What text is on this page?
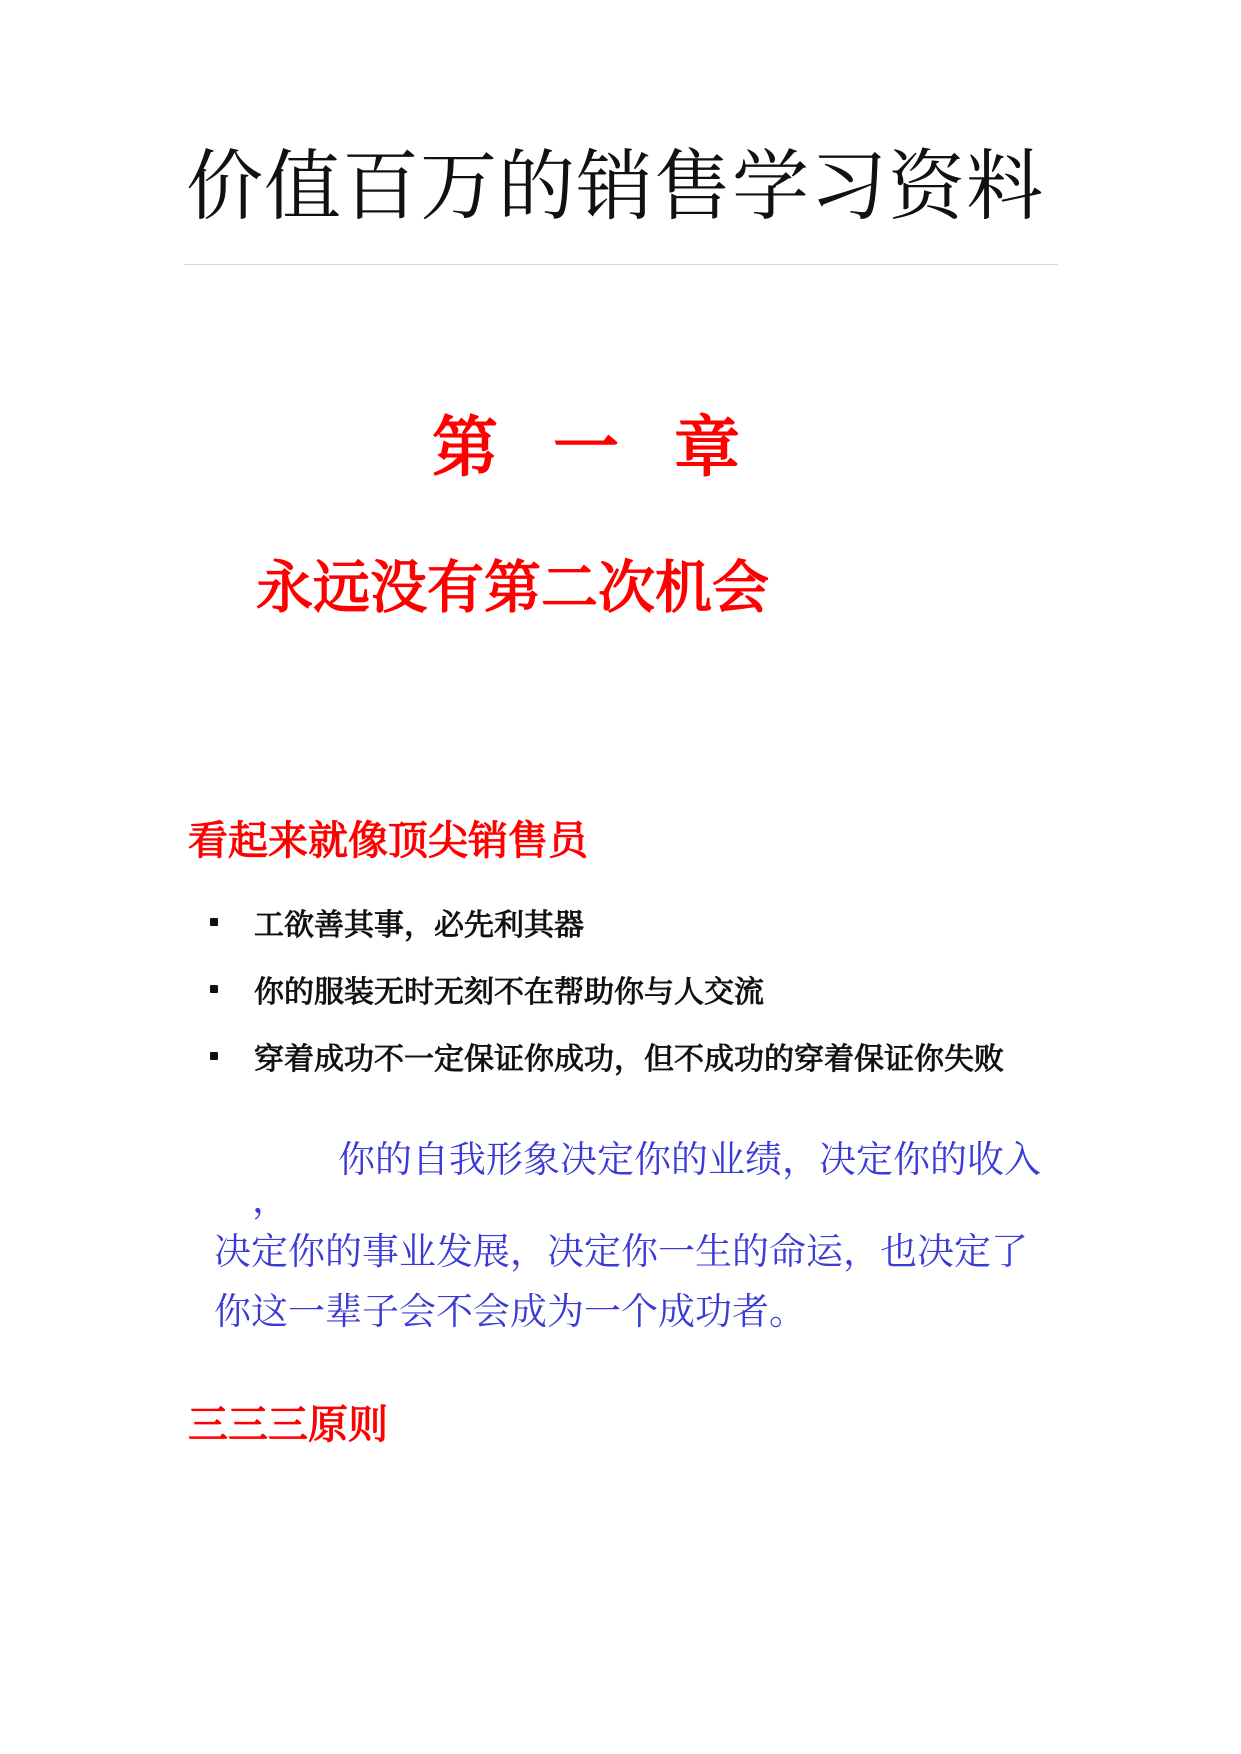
价值百万的销售学习资料
第 一 章
永远没有第二次机会
看起来就像顶尖销售员
工欲善其事，必先利其器
你的服装无时无刻不在帮助你与人交流
穿着成功不一定保证你成功，但不成功的穿着保证你失败
你的自我形象决定你的业绩，决定你的收入
，
决定你的事业发展，决定你一生的命运，也决定了
你这一辈子会不会成为一个成功者。
三三三原则
